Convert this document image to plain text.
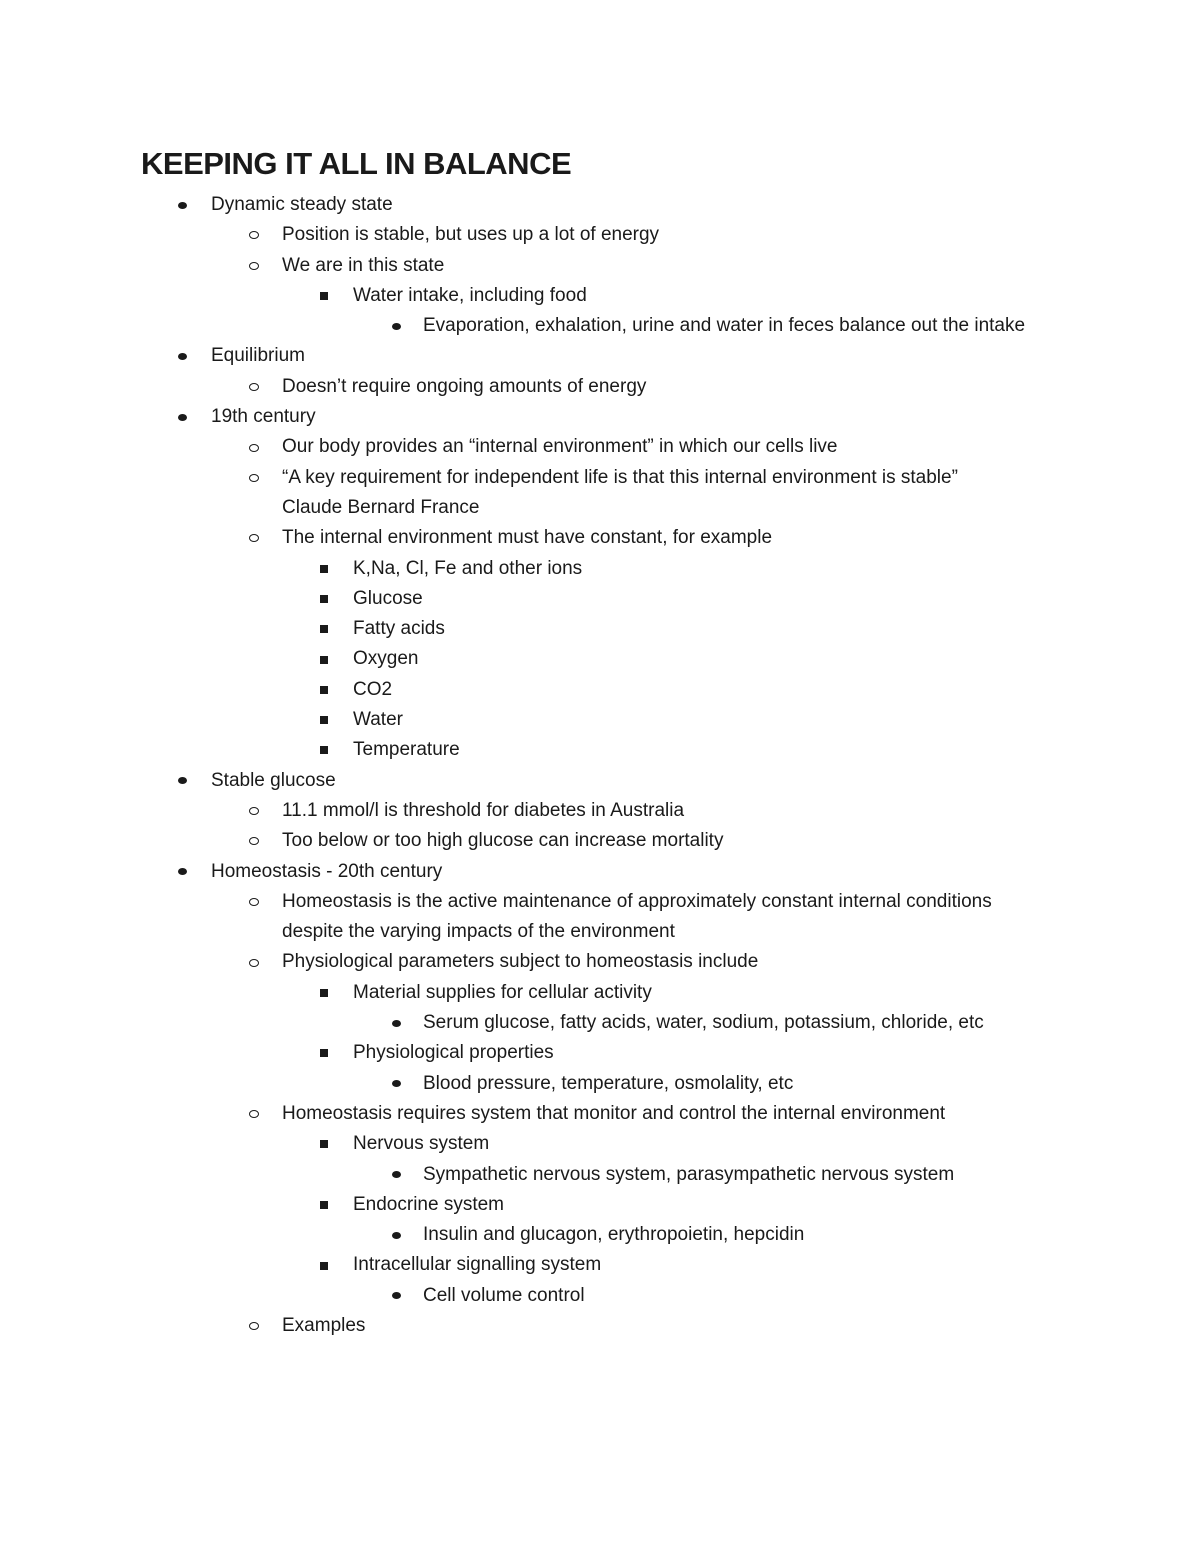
KEEPING IT ALL IN BALANCE
Dynamic steady state
Position is stable, but uses up a lot of energy
We are in this state
Water intake, including food
Evaporation, exhalation, urine and water in feces balance out the intake
Equilibrium
Doesn’t require ongoing amounts of energy
19th century
Our body provides an “internal environment” in which our cells live
“A key requirement for independent life is that this internal environment is stable”
Claude Bernard France
The internal environment must have constant, for example
K,Na, Cl, Fe and other ions
Glucose
Fatty acids
Oxygen
CO2
Water
Temperature
Stable glucose
11.1 mmol/l is threshold for diabetes in Australia
Too below or too high glucose can increase mortality
Homeostasis - 20th century
Homeostasis is the active maintenance of approximately constant internal conditions
despite the varying impacts of the environment
Physiological parameters subject to homeostasis include
Material supplies for cellular activity
Serum glucose, fatty acids, water, sodium, potassium, chloride, etc
Physiological properties
Blood pressure, temperature, osmolality, etc
Homeostasis requires system that monitor and control the internal environment
Nervous system
Sympathetic nervous system, parasympathetic nervous system
Endocrine system
Insulin and glucagon, erythropoietin, hepcidin
Intracellular signalling system
Cell volume control
Examples
